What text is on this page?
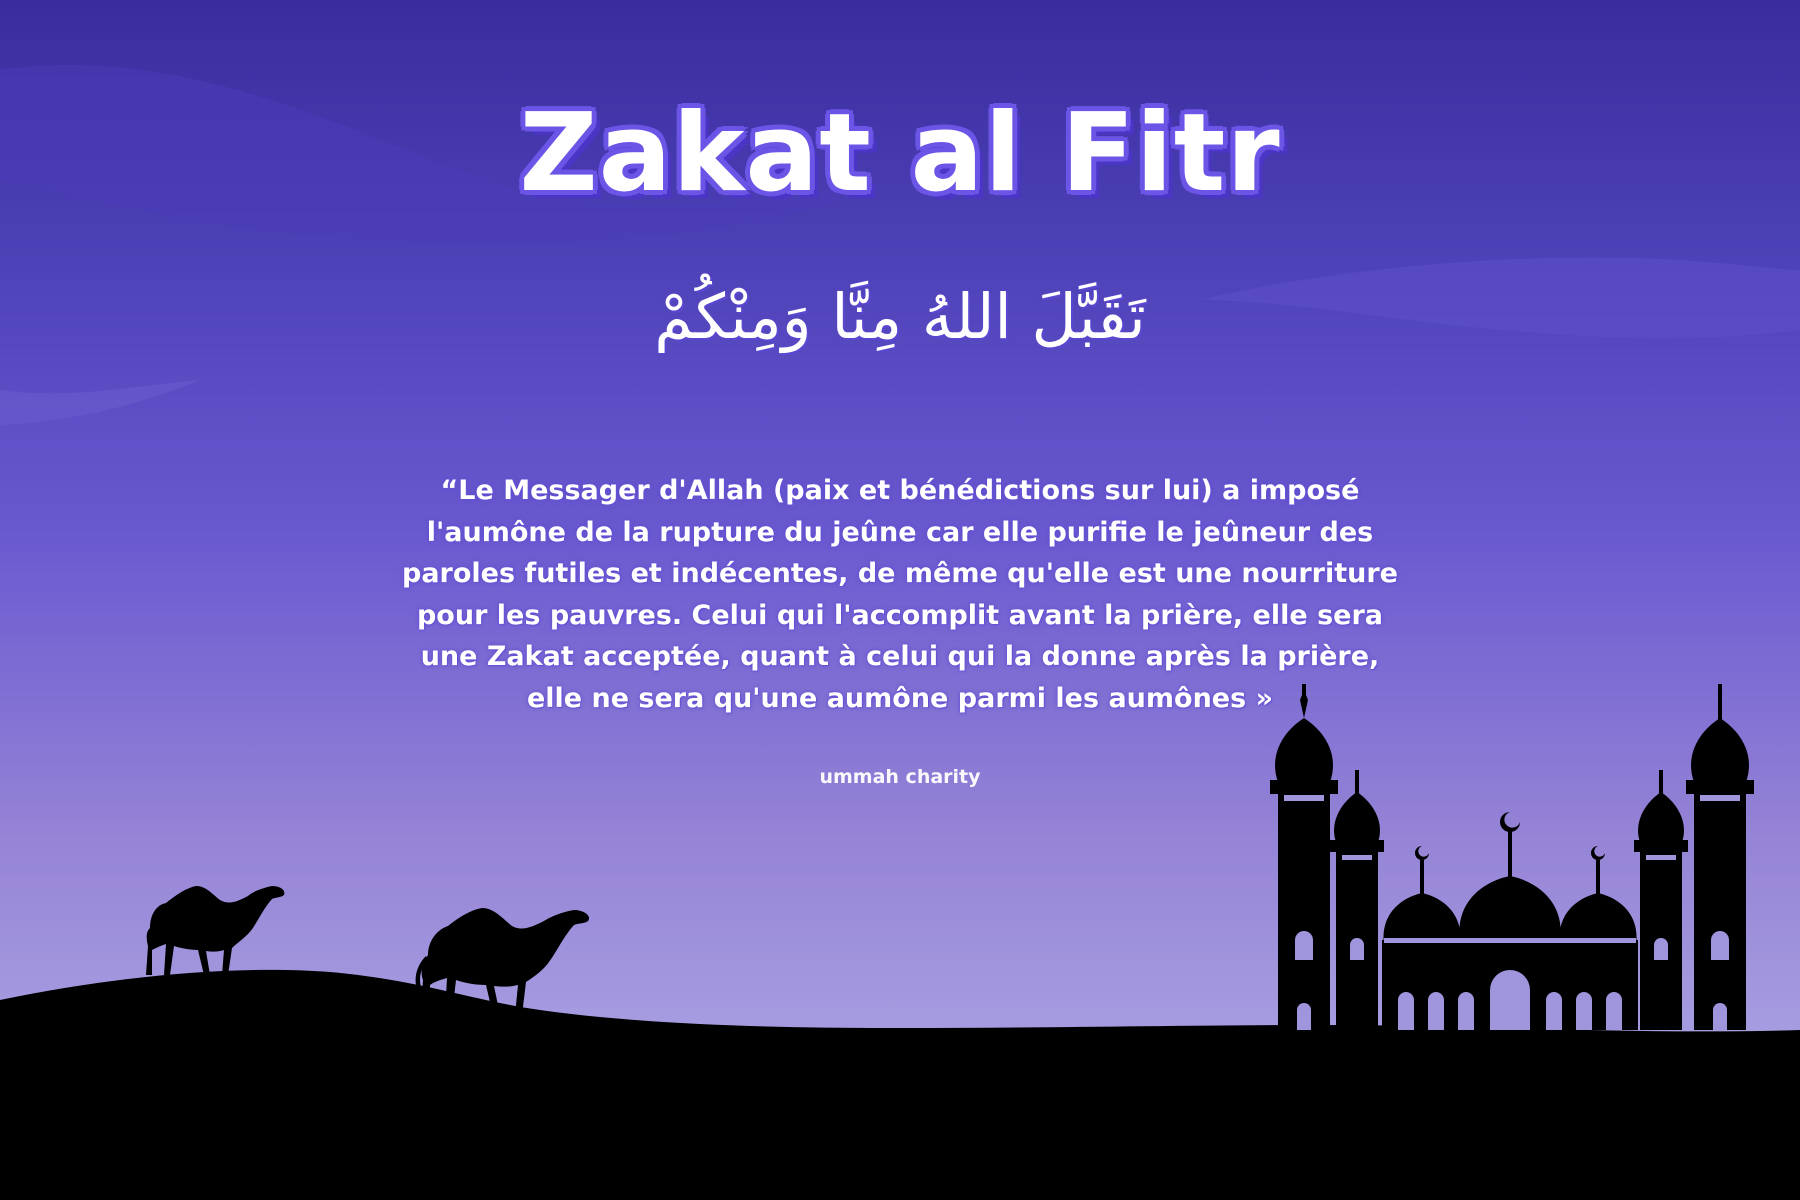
Zakat al Fitr
تَقَبَّلَ اللهُ مِنَّا وَمِنْكُمْ
“Le Messager d'Allah (paix et bénédictions sur lui) a imposé l'aumône de la rupture du jeûne car elle purifie le jeûneur des paroles futiles et indécentes, de même qu'elle est une nourriture pour les pauvres. Celui qui l'accomplit avant la prière, elle sera une Zakat acceptée, quant à celui qui la donne après la prière, elle ne sera qu'une aumône parmi les aumônes »
ummah charity
